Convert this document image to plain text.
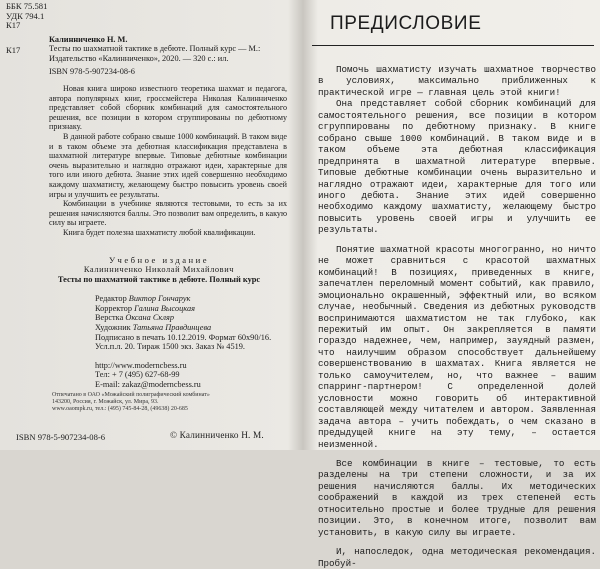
ББК 75.581
УДК 794.1
К17
К17
Калинниченко Н. М.
Тесты по шахматной тактике в дебюте. Полный курс — М.: Издательство «Калинниченко», 2020. — 320 с.: ил.
ISBN 978-5-907234-08-6

Новая книга широко известного теоретика шахмат и педагога, автора популярных книг, гроссмейстера Николая Калинниченко представляет собой сборник комбинаций для самостоятельного решения, все позиции в котором сгруппированы по дебютному признаку.

В данной работе собрано свыше 1000 комбинаций. В таком виде и в таком объеме эта дебютная классификация представлена в шахматной литературе впервые. Типовые дебютные комбинации очень выразительно и наглядно отражают идеи, характерные для того или иного дебюта. Знание этих идей совершенно необходимо каждому шахматисту, желающему быстро повысить уровень своей игры и улучшить ее результаты.

Комбинации в учебнике являются тестовыми, то есть за их решения начисляются баллы. Это позволит вам определить, в какую силу вы играете.

Книга будет полезна шахматисту любой квалификации.

Учебное издание
Калинниченко Николай Михайлович
Тесты по шахматной тактике в дебюте. Полный курс
Редактор Виктор Гончарук
Корректор Галина Высоцкая
Верстка Оксана Скляр
Художник Татьяна Правдинцева
Подписано в печать 10.12.2019. Формат 60х90/16.
Усл.п.л. 20. Тираж 1500 экз. Заказ № 4519.
http://www.moderncbess.ru
Тел: + 7 (495) 627-68-99
E-mail: zakaz@moderncbess.ru
Отпечатано в ОАО «Можайский полиграфический комбинат»
143200, Россия, г. Можайск, ул. Мира, 93.
www.oaompk.ru, тел.: (495) 745-84-28, (49638) 20-685
ISBN 978-5-907234-08-6	© Калинниченко Н. М.
ПРЕДИСЛОВИЕ

Помочь шахматисту изучать шахматное творчество в условиях, максимально приближенных к практической игре — главная цель этой книги!

Она представляет собой сборник комбинаций для самостоятельного решения, все позиции в котором сгруппированы по дебютному признаку. В книге собрано свыше 1000 комбинаций. В таком виде и в таком объеме эта дебютная классификация предпринята в шахматной литературе впервые. Типовые дебютные комбинации очень выразительно и наглядно отражают идеи, характерные для того или иного дебюта. Знание этих идей совершенно необходимо каждому шахматисту, желающему быстро повысить уровень своей игры и улучшить ее результаты.

Понятие шахматной красоты многогранно, но ничто не может сравниться с красотой шахматных комбинаций! В позициях, приведенных в книге, запечатлен переломный момент событий, как правило, эмоционально окрашенный, эффектный или, во всяком случае, необычный. Сведения из дебютных руководств воспринимаются шахматистом не так глубоко, как пережитый им опыт. Он закрепляется в памяти гораздо надежнее, чем, например, зауядный размен, что наилучшим образом способствует дальнейшему совершенствованию в шахматах. Книга является не только самоучителем, но, что важнее – вашим спарринг-партнером! С определенной долей условности можно говорить об интерактивной составляющей между читателем и автором. Заявленная задача автора – учить побеждать, о чем сказано в предыдущей книге на эту тему, – остается неизменной.

Все комбинации в книге – тестовые, то есть разделены на три степени сложности, и за их решения начисляются баллы. Их методических соображений в каждой из трех степеней есть относительно простые и более трудные для решения позиции. Это, в конечном итоге, позволит вам установить, в какую силу вы играете.

И, напоследок, одна методическая рекомендация. Пробуй-
